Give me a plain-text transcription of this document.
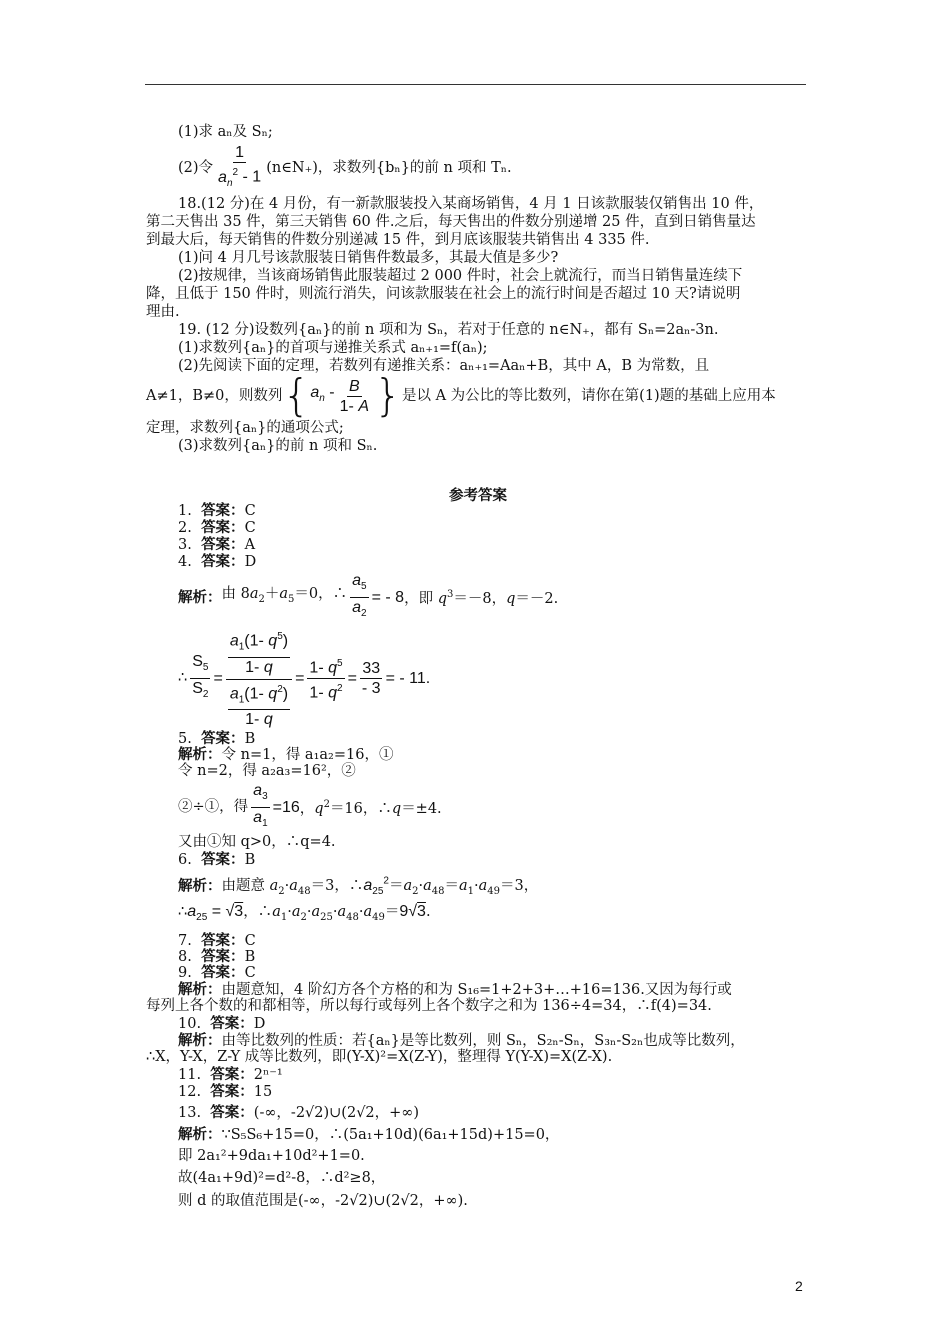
(1)求 aₙ及 Sₙ;
(2)令 $\frac{1}{a_n^2 - 1}$ (n∈N₊)，求数列{bₙ}的前 n 项和 Tₙ.
18.(12 分)在 4 月份，有一新款服装投入某商场销售，4 月 1 日该款服装仅销售出 10 件，
第二天售出 35 件，第三天销售 60 件.之后，每天售出的件数分别递增 25 件，直到日销售量达
到最大后，每天销售的件数分别递减 15 件，到月底该服装共销售出 4 335 件.
(1)问 4 月几号该款服装日销售件数最多，其最大值是多少?
(2)按规律，当该商场销售此服装超过 2 000 件时，社会上就流行，而当日销售量连续下
降，且低于 150 件时，则流行消失，问该款服装在社会上的流行时间是否超过 10 天?请说明
理由.
19. (12 分)设数列{aₙ}的前 n 项和为 Sₙ，若对于任意的 n∈N₊，都有 Sₙ=2aₙ-3n.
(1)求数列{aₙ}的首项与递推关系式 aₙ₊₁=f(aₙ);
(2)先阅读下面的定理，若数列有递推关系：aₙ₊₁=Aaₙ+B，其中 A，B 为常数，且
A≠1，B≠0，则数列 { $a_n - \frac{B}{1- A}$ } 是以 A 为公比的等比数列，请你在第(1)题的基础上应用本
定理，求数列{aₙ}的通项公式;
(3)求数列{aₙ}的前 n 项和 Sₙ.
参考答案
1. 答案：C
2. 答案：C
3. 答案：A
4. 答案：D
解析： 由 $8a_2+a_5=0$，∴ $\frac{a_5}{a_2}$ = - 8 ，即 $q^3=-8$，q＝－2.
∴ $\frac{S_5}{S_2} = \frac{\frac{a_1(1- q^5)}{1- q}}{\frac{a_1(1- q^2)}{1- q}} = \frac{1- q^5}{1- q^2} = \frac{33}{- 3}$ = - 11.
5. 答案：B
解析：令 n=1，得 a₁a₂=16，①
令 n=2，得 a₂a₃=16²，②
②÷①，得 $\frac{a_3}{a_1} =16$ ，$q^2=16$，∴q＝±4.
又由①知 q>0，∴q=4.
6. 答案：B
解析：由题意 $a_2\cdot a_{48}=3$，$\therefore a_{25}^2=a_2\cdot a_{48}=a_1\cdot a_{49}=3$，
$\therefore a_{25} = √3$，$\therefore a_1\cdot a_2\cdot a_{25}\cdot a_{48}\cdot a_{49}=9√3$.
7. 答案：C
8. 答案：B
9. 答案：C
解析：由题意知，4 阶幻方各个方格的和为 S₁₆=1+2+3+…+16=136.又因为每行或
每列上各个数的和都相等，所以每行或每列上各个数字之和为 136÷4=34，∴f(4)=34.
10. 答案：D
解析：由等比数列的性质：若{aₙ}是等比数列，则 Sₙ，S₂ₙ-Sₙ，S₃ₙ-S₂ₙ也成等比数列，
∴X，Y-X，Z-Y 成等比数列，即(Y-X)²=X(Z-Y)，整理得 Y(Y-X)=X(Z-X).
11. 答案：2ⁿ⁻¹
12. 答案：15
13. 答案：(-∞，-2√2)∪(2√2，+∞)
解析：∵S₅S₆+15=0，∴(5a₁+10d)(6a₁+15d)+15=0，
即 2a₁²+9da₁+10d²+1=0.
故(4a₁+9d)²=d²-8，∴d²≥8，
则 d 的取值范围是(-∞，-2√2)∪(2√2，+∞).
2
